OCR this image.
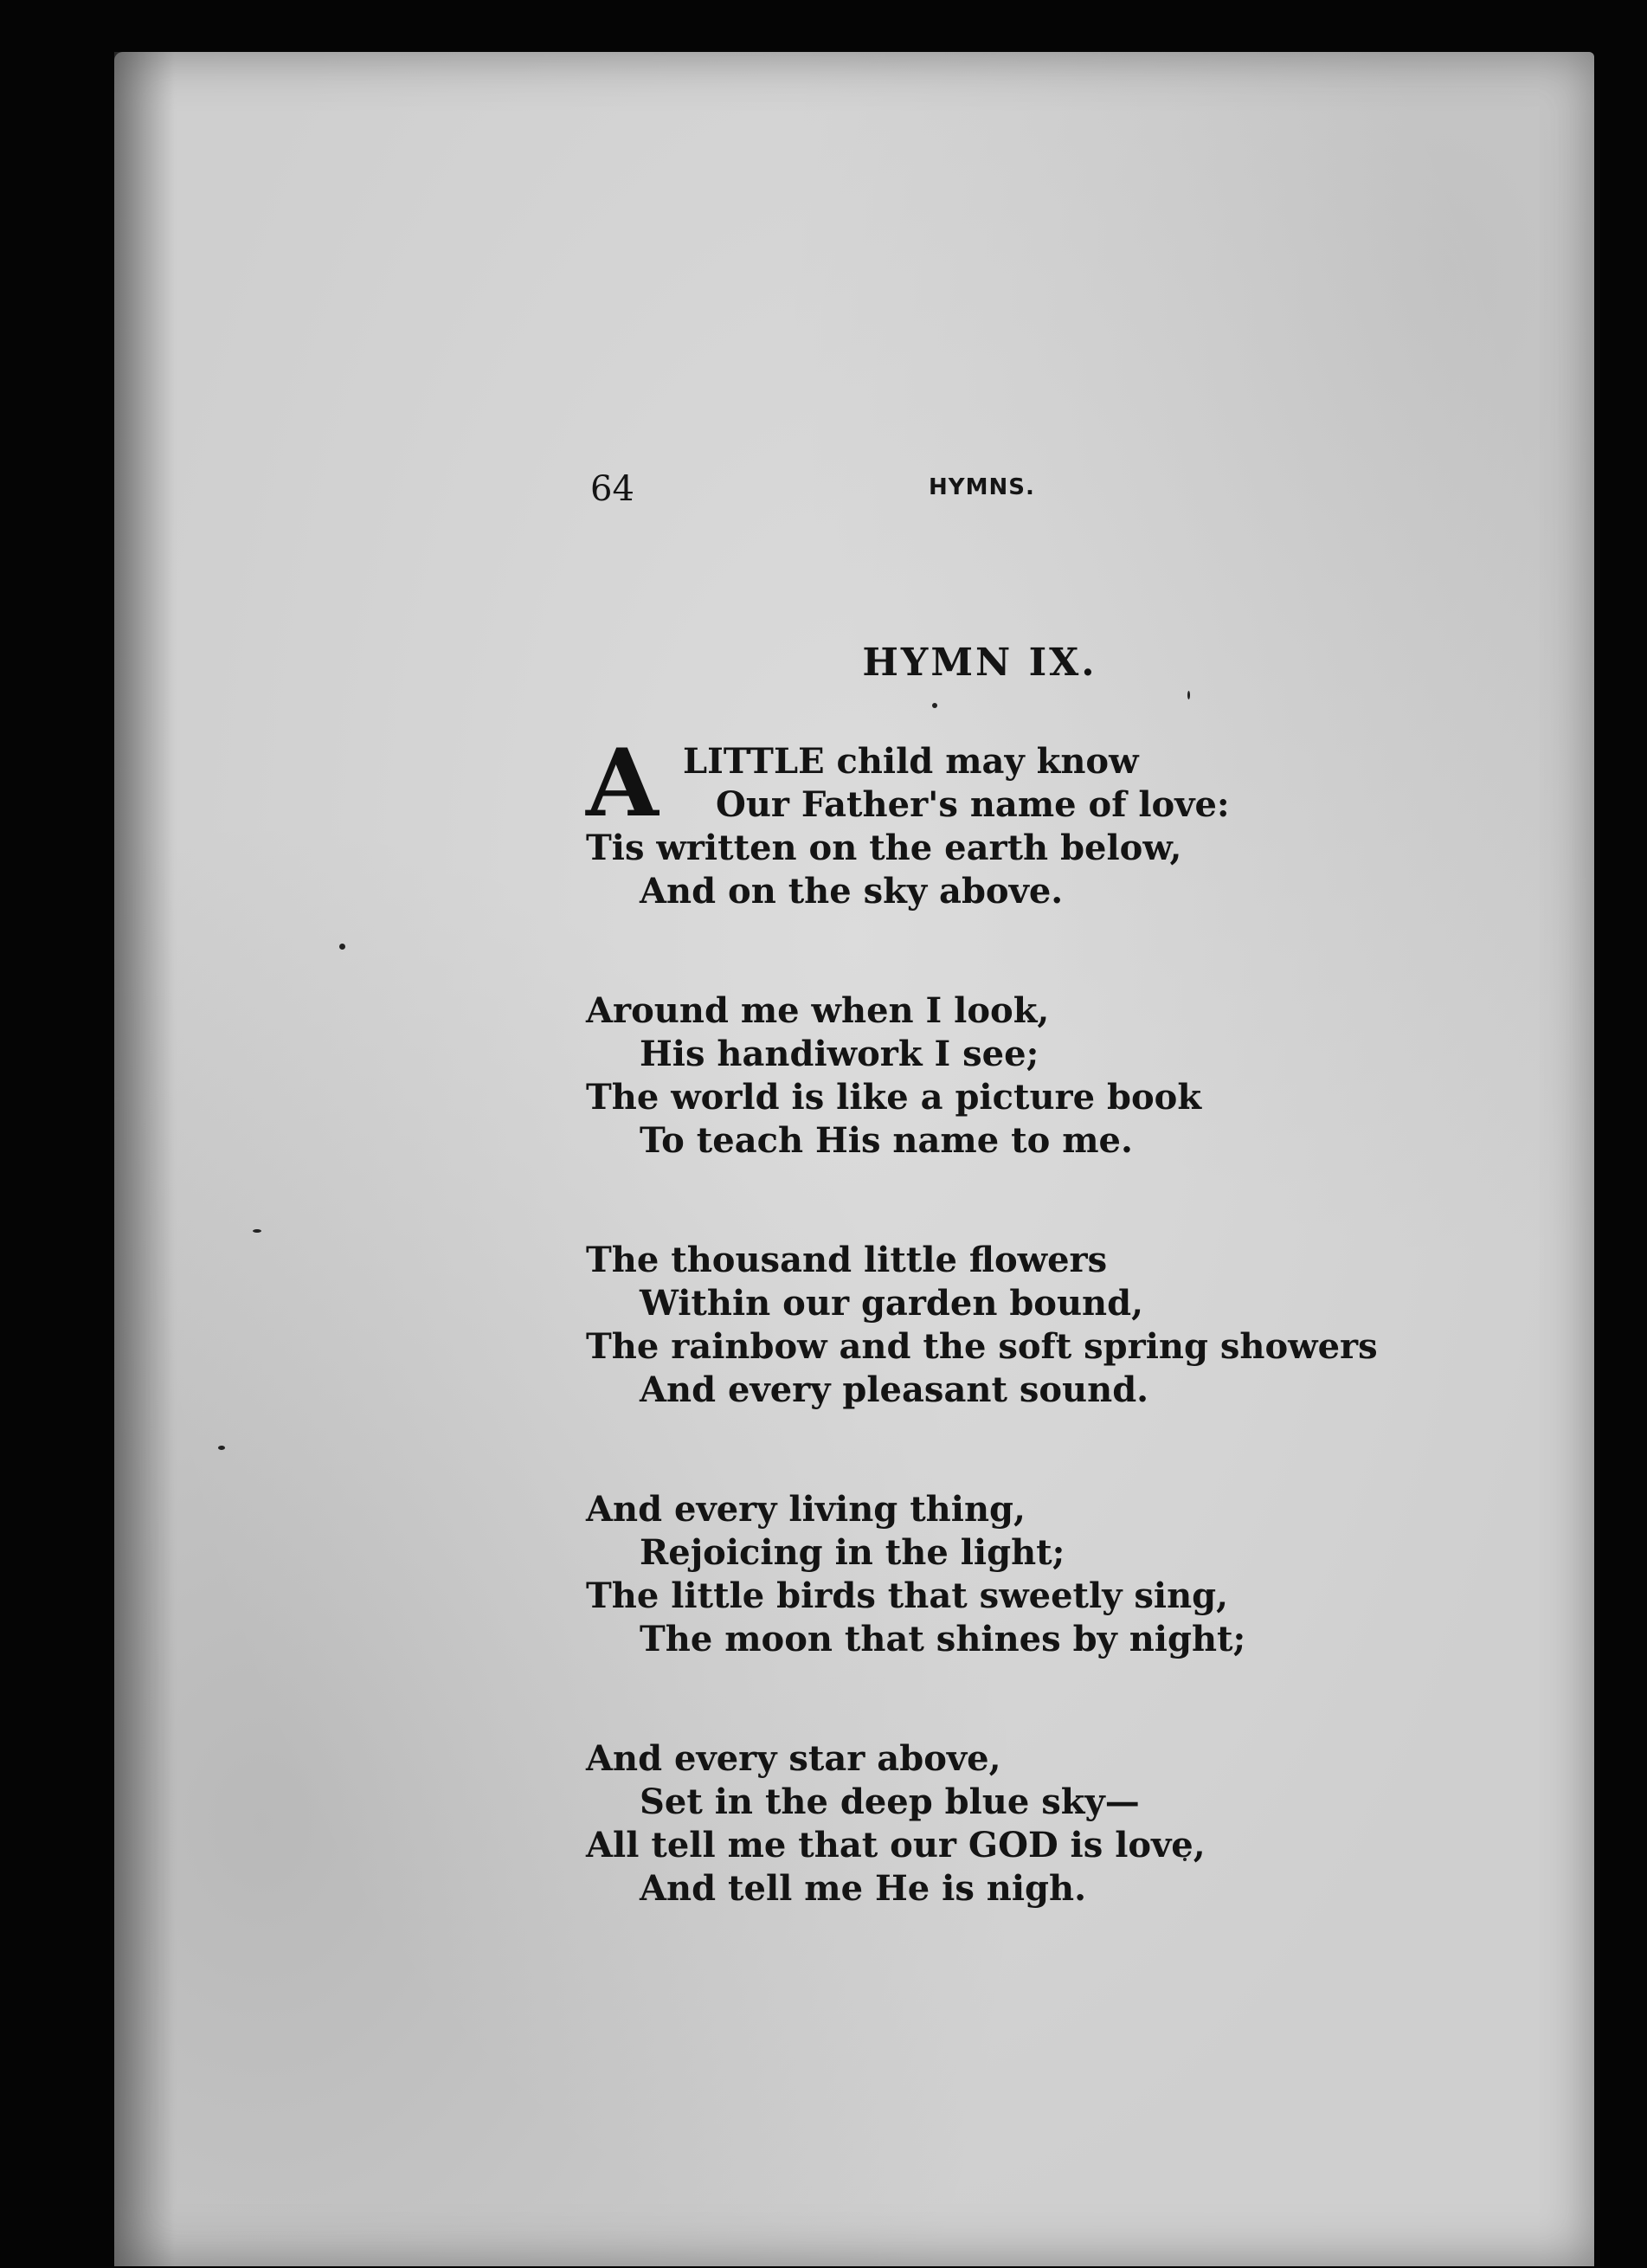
64	HYMNS.
HYMN IX.
A LITTLE child may know
Our Father's name of love:
Tis written on the earth below,
And on the sky above.
Around me when I look,
His handiwork I see;
The world is like a picture book
To teach His name to me.
The thousand little flowers
Within our garden bound,
The rainbow and the soft spring showers
And every pleasant sound.
And every living thing,
Rejoicing in the light;
The little birds that sweetly sing,
The moon that shines by night;
And every star above,
Set in the deep blue sky—
All tell me that our GOD is love,
And tell me He is nigh.
